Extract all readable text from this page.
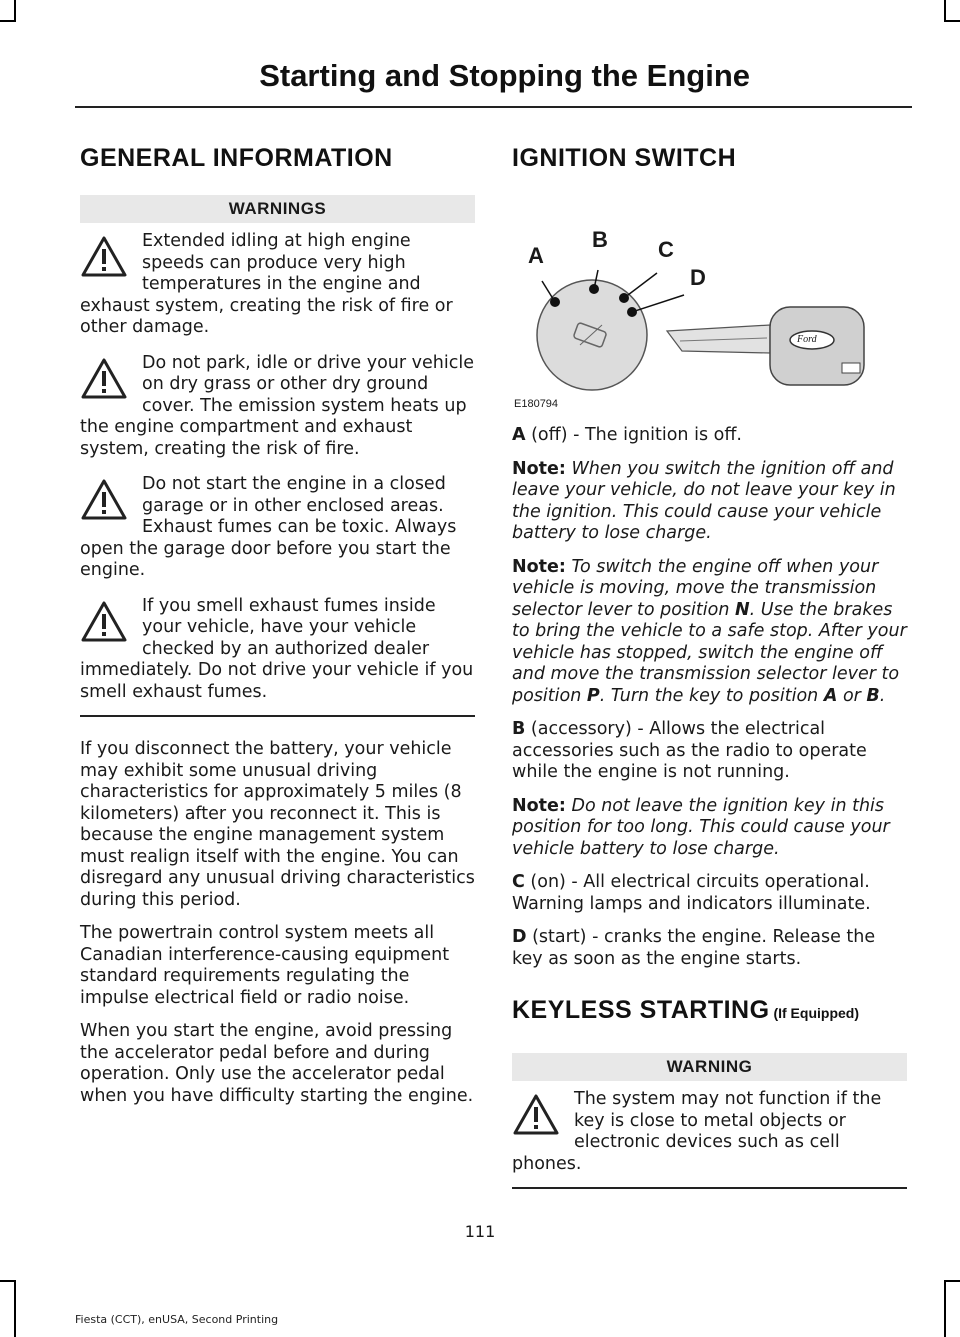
Starting and Stopping the Engine
GENERAL INFORMATION
WARNINGS
Extended idling at high engine speeds can produce very high temperatures in the engine and exhaust system, creating the risk of fire or other damage.
Do not park, idle or drive your vehicle on dry grass or other dry ground cover. The emission system heats up the engine compartment and exhaust system, creating the risk of fire.
Do not start the engine in a closed garage or in other enclosed areas. Exhaust fumes can be toxic. Always open the garage door before you start the engine.
If you smell exhaust fumes inside your vehicle, have your vehicle checked by an authorized dealer immediately. Do not drive your vehicle if you smell exhaust fumes.

If you disconnect the battery, your vehicle may exhibit some unusual driving characteristics for approximately 5 miles (8 kilometers) after you reconnect it. This is because the engine management system must realign itself with the engine. You can disregard any unusual driving characteristics during this period.

The powertrain control system meets all Canadian interference-causing equipment standard requirements regulating the impulse electrical field or radio noise.

When you start the engine, avoid pressing the accelerator pedal before and during operation. Only use the accelerator pedal when you have difficulty starting the engine.

IGNITION SWITCH
A
B C
D
Ford
E180794

A (off) - The ignition is off.

Note: When you switch the ignition off and leave your vehicle, do not leave your key in the ignition. This could cause your vehicle battery to lose charge.

Note: To switch the engine off when your vehicle is moving, move the transmission selector lever to position N. Use the brakes to bring the vehicle to a safe stop. After your vehicle has stopped, switch the engine off and move the transmission selector lever to position P. Turn the key to position A or B.

B (accessory) - Allows the electrical accessories such as the radio to operate while the engine is not running.

Note: Do not leave the ignition key in this position for too long. This could cause your vehicle battery to lose charge.

C (on) - All electrical circuits operational. Warning lamps and indicators illuminate.

D (start) - cranks the engine. Release the key as soon as the engine starts.

KEYLESS STARTING (If Equipped)
WARNING
The system may not function if the key is close to metal objects or electronic devices such as cell phones.
111
Fiesta (CCT), enUSA, Second Printing
